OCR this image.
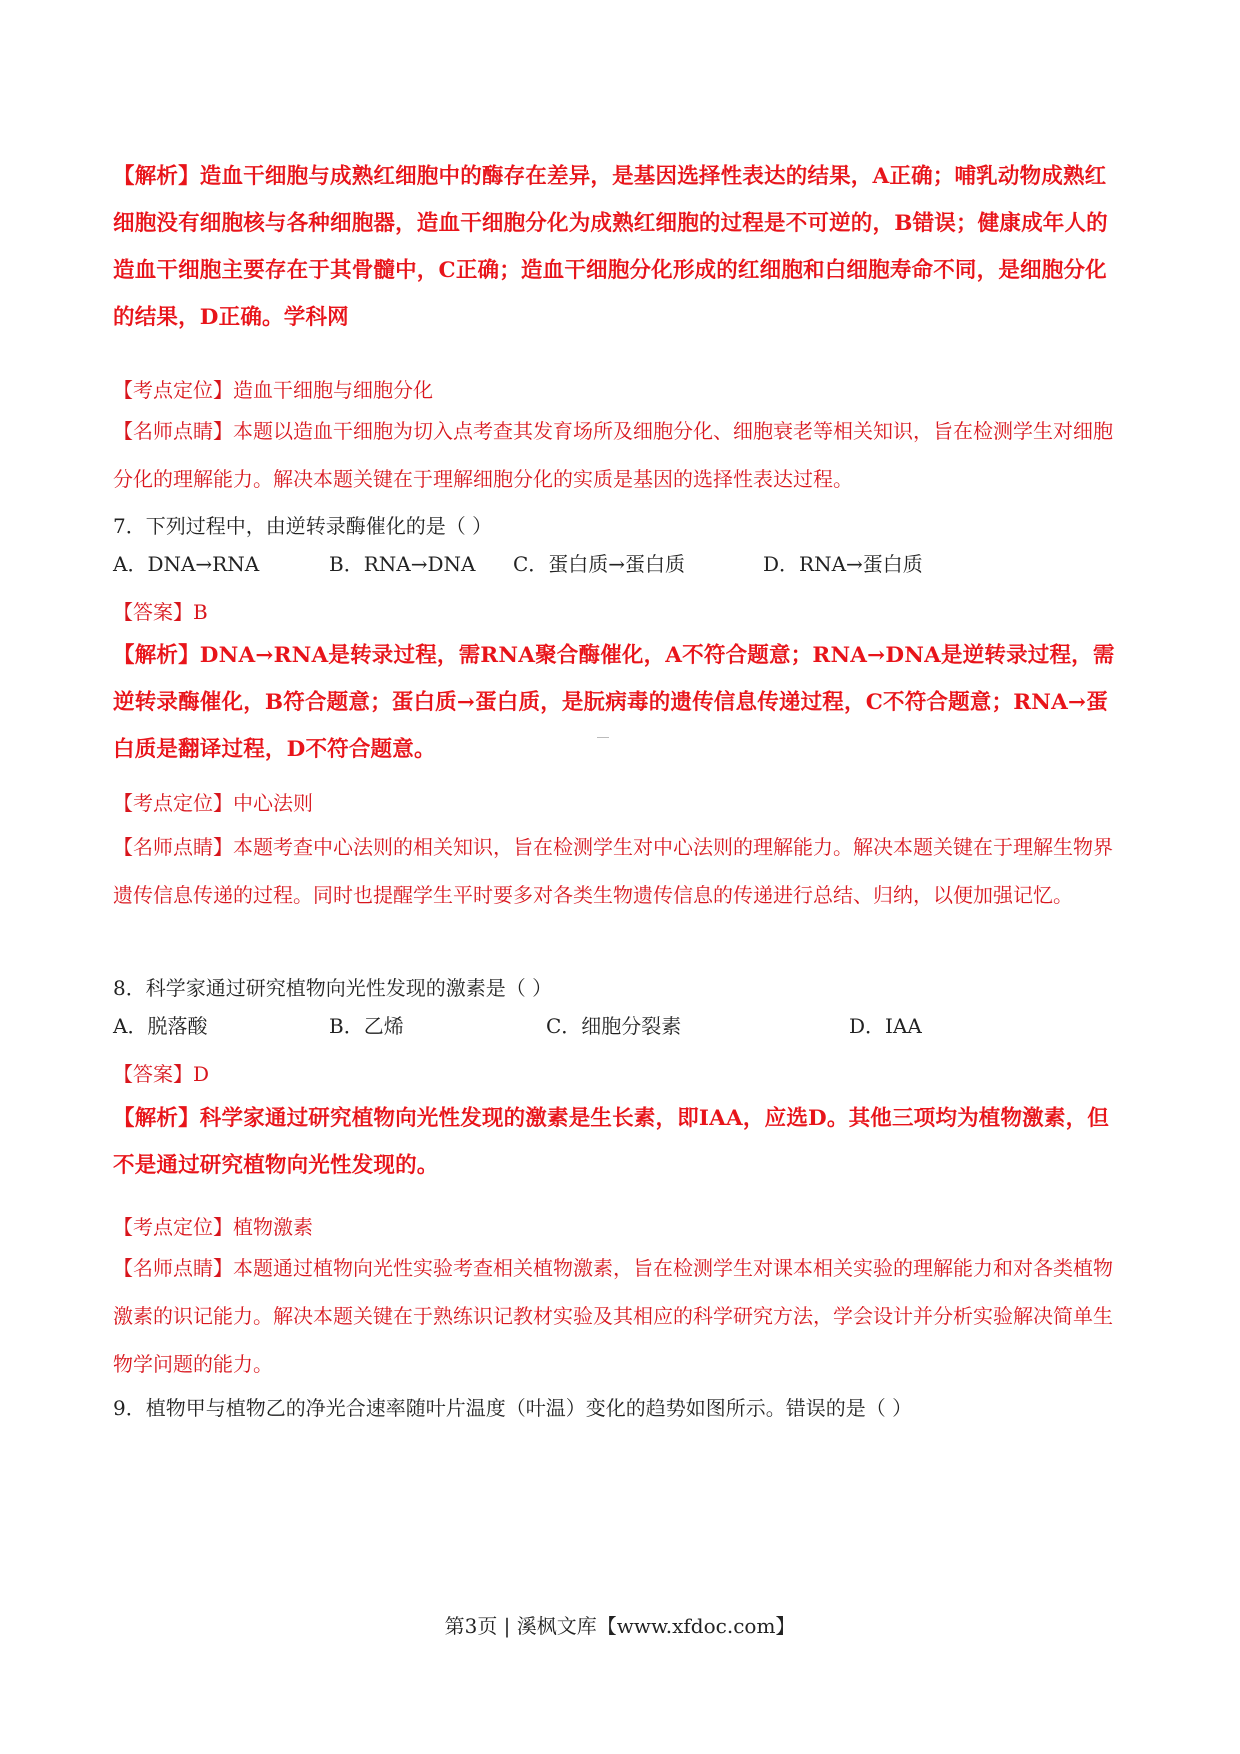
【解析】造血干细胞与成熟红细胞中的酶存在差异，是基因选择性表达的结果，A正确；哺乳动物成熟红细胞没有细胞核与各种细胞器，造血干细胞分化为成熟红细胞的过程是不可逆的，B错误；健康成年人的造血干细胞主要存在于其骨髓中，C正确；造血干细胞分化形成的红细胞和白细胞寿命不同，是细胞分化的结果，D正确。学科网

【考点定位】造血干细胞与细胞分化

【名师点睛】本题以造血干细胞为切入点考查其发育场所及细胞分化、细胞衰老等相关知识，旨在检测学生对细胞分化的理解能力。解决本题关键在于理解细胞分化的实质是基因的选择性表达过程。

7．下列过程中，由逆转录酶催化的是（ ）

A．DNA→RNA	B．RNA→DNA C．蛋白质→蛋白质	D．RNA→蛋白质

【答案】B

【解析】DNA→RNA是转录过程，需RNA聚合酶催化，A不符合题意；RNA→DNA是逆转录过程，需逆转录酶催化，B符合题意；蛋白质→蛋白质，是朊病毒的遗传信息传递过程，C不符合题意；RNA→蛋白质是翻译过程，D不符合题意。

【考点定位】中心法则

【名师点睛】本题考查中心法则的相关知识，旨在检测学生对中心法则的理解能力。解决本题关键在于理解生物界遗传信息传递的过程。同时也提醒学生平时要多对各类生物遗传信息的传递进行总结、归纳，以便加强记忆。

8．科学家通过研究植物向光性发现的激素是（ ）

A．脱落酸	B．乙烯	C．细胞分裂素	D．IAA

【答案】D

【解析】科学家通过研究植物向光性发现的激素是生长素，即IAA，应选D。其他三项均为植物激素，但不是通过研究植物向光性发现的。

【考点定位】植物激素

【名师点睛】本题通过植物向光性实验考查相关植物激素，旨在检测学生对课本相关实验的理解能力和对各类植物激素的识记能力。解决本题关键在于熟练识记教材实验及其相应的科学研究方法，学会设计并分析实验解决简单生物学问题的能力。

9．植物甲与植物乙的净光合速率随叶片温度（叶温）变化的趋势如图所示。错误的是（ ）

第3页 | 溪枫文库【www.xfdoc.com】
